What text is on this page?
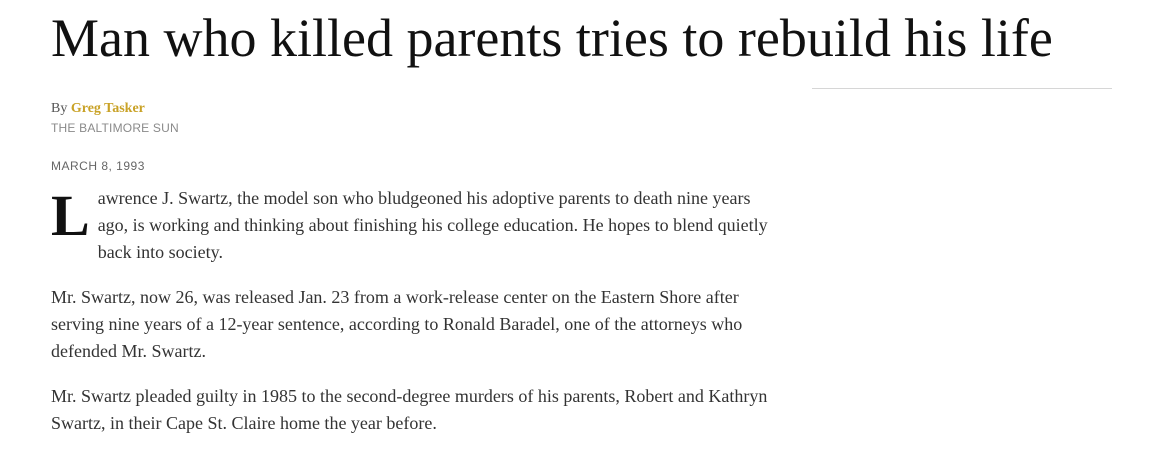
Man who killed parents tries to rebuild his life
By Greg Tasker
THE BALTIMORE SUN
MARCH 8, 1993

Lawrence J. Swartz, the model son who bludgeoned his adoptive parents to death nine years ago, is working and thinking about finishing his college education. He hopes to blend quietly back into society.

Mr. Swartz, now 26, was released Jan. 23 from a work-release center on the Eastern Shore after serving nine years of a 12-year sentence, according to Ronald Baradel, one of the attorneys who defended Mr. Swartz.

Mr. Swartz pleaded guilty in 1985 to the second-degree murders of his parents, Robert and Kathryn Swartz, in their Cape St. Claire home the year before.
